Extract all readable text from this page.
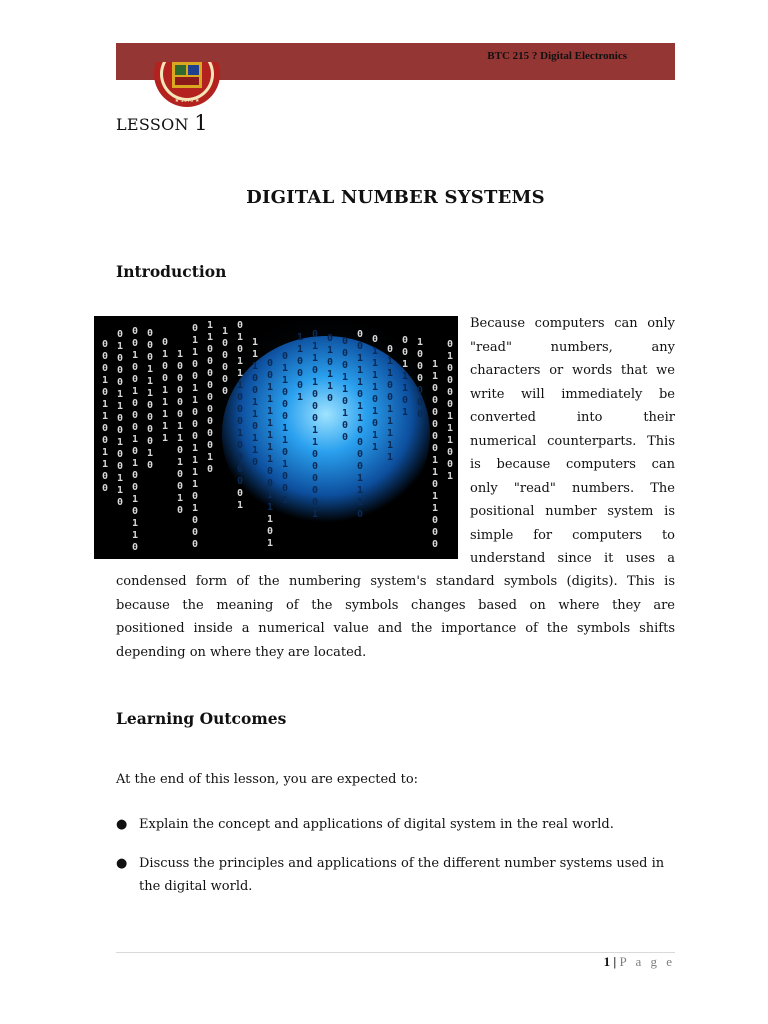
BTC 215 ? Digital Electronics
★ 1976 ★
LESSON 1
DIGITAL NUMBER SYSTEMS
Introduction
0
0
0
1
0
1
1
0
0
1
1
0
0
0
1
0
0
0
1
1
0
0
1
0
0
1
1
0
0
0
1
0
0
1
0
0
0
1
0
1
0
0
1
0
1
1
0
0
0
0
1
1
1
0
0
0
0
1
0
0
1
0
0
1
1
1
1
1
1
0
0
0
0
0
1
1
0
1
0
0
1
0
0
1
1
0
0
1
1
0
0
0
1
1
1
1
0
1
0
0
0
1
1
0
0
0
0
0
0
0
0
0
1
0
1
0
0
0
0
0
0
1
0
1
1
1
0
0
0
1
0
0
0
0
0
1
1
1
1
0
0
1
1
0
1
1
0
0
0
1
1
1
1
1
1
1
0
0
1
1
1
0
1
0
1
1
0
0
0
1
1
0
1
0
0
1
1
1
0
0
0
1
0
1
1
0
1
0
0
0
1
1
0
0
0
0
0
1
0
1
0
1
1
0
0
0
0
1
1
0
1
0
0
0
0
1
1
1
0
1
1
0
0
0
0
1
1
1
0
0
1
1
1
1
0
1
0
1
1
0
1
1
0
0
1
1
1
1
1
0
0
1
1
1
0
1
1
0
0
0
0
0
0
1
1
0
0
0
0
0
0
1
1
0
1
1
0
0
0
0
1
0
0
0
0
1
1
1
0
0
1
Because computers can only
"read" numbers, any
characters or words that we
write will immediately be
converted into their
numerical counterparts. This
is because computers can
only "read" numbers. The
positional number system is
simple for computers to
understand since it uses a
condensed form of the numbering system's standard symbols (digits). This is
because the meaning of the symbols changes based on where they are
positioned inside a numerical value and the importance of the symbols shifts
depending on where they are located.
Learning Outcomes
At the end of this lesson, you are expected to:
● Explain the concept and applications of digital system in the real world.
● Discuss the principles and applications of the different number systems used in the digital world.
1 | P a g e
